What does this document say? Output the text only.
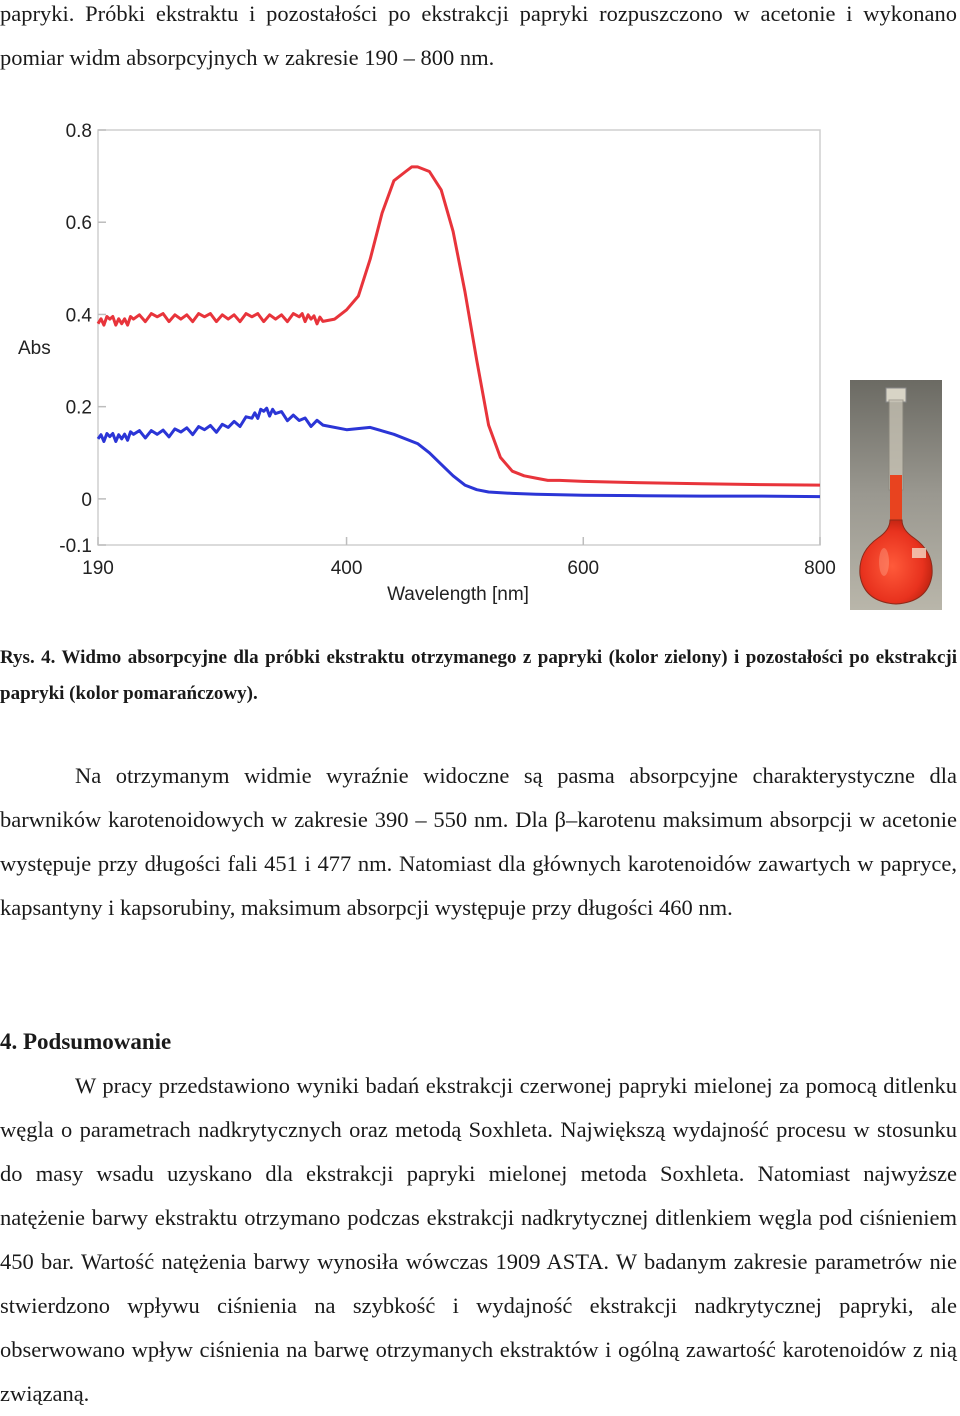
papryki. Próbki ekstraktu i pozostałości po ekstrakcji papryki rozpuszczono w acetonie i wykonano pomiar widm absorpcyjnych w zakresie 190 – 800 nm.

190	400	600	800
0.8
0.6
0.4
0.2
0
-0.1
Abs
Wavelength [nm]

Rys. 4. Widmo absorpcyjne dla próbki ekstraktu otrzymanego z papryki (kolor zielony) i pozostałości po ekstrakcji papryki (kolor pomarańczowy).

Na otrzymanym widmie wyraźnie widoczne są pasma absorpcyjne charakterystyczne dla barwników karotenoidowych w zakresie 390 – 550 nm. Dla β–karotenu maksimum absorpcji w acetonie występuje przy długości fali 451 i 477 nm. Natomiast dla głównych karotenoidów zawartych w papryce, kapsantyny i kapsorubiny, maksimum absorpcji występuje przy długości 460 nm.

4. Podsumowanie

W pracy przedstawiono wyniki badań ekstrakcji czerwonej papryki mielonej za pomocą ditlenku węgla o parametrach nadkrytycznych oraz metodą Soxhleta. Największą wydajność procesu w stosunku do masy wsadu uzyskano dla ekstrakcji papryki mielonej metoda Soxhleta. Natomiast najwyższe natężenie barwy ekstraktu otrzymano podczas ekstrakcji nadkrytycznej ditlenkiem węgla pod ciśnieniem 450 bar. Wartość natężenia barwy wynosiła wówczas 1909 ASTA. W badanym zakresie parametrów nie stwierdzono wpływu ciśnienia na szybkość i wydajność ekstrakcji nadkrytycznej papryki, ale obserwowano wpływ ciśnienia na barwę otrzymanych ekstraktów i ogólną zawartość karotenoidów z nią związaną.
